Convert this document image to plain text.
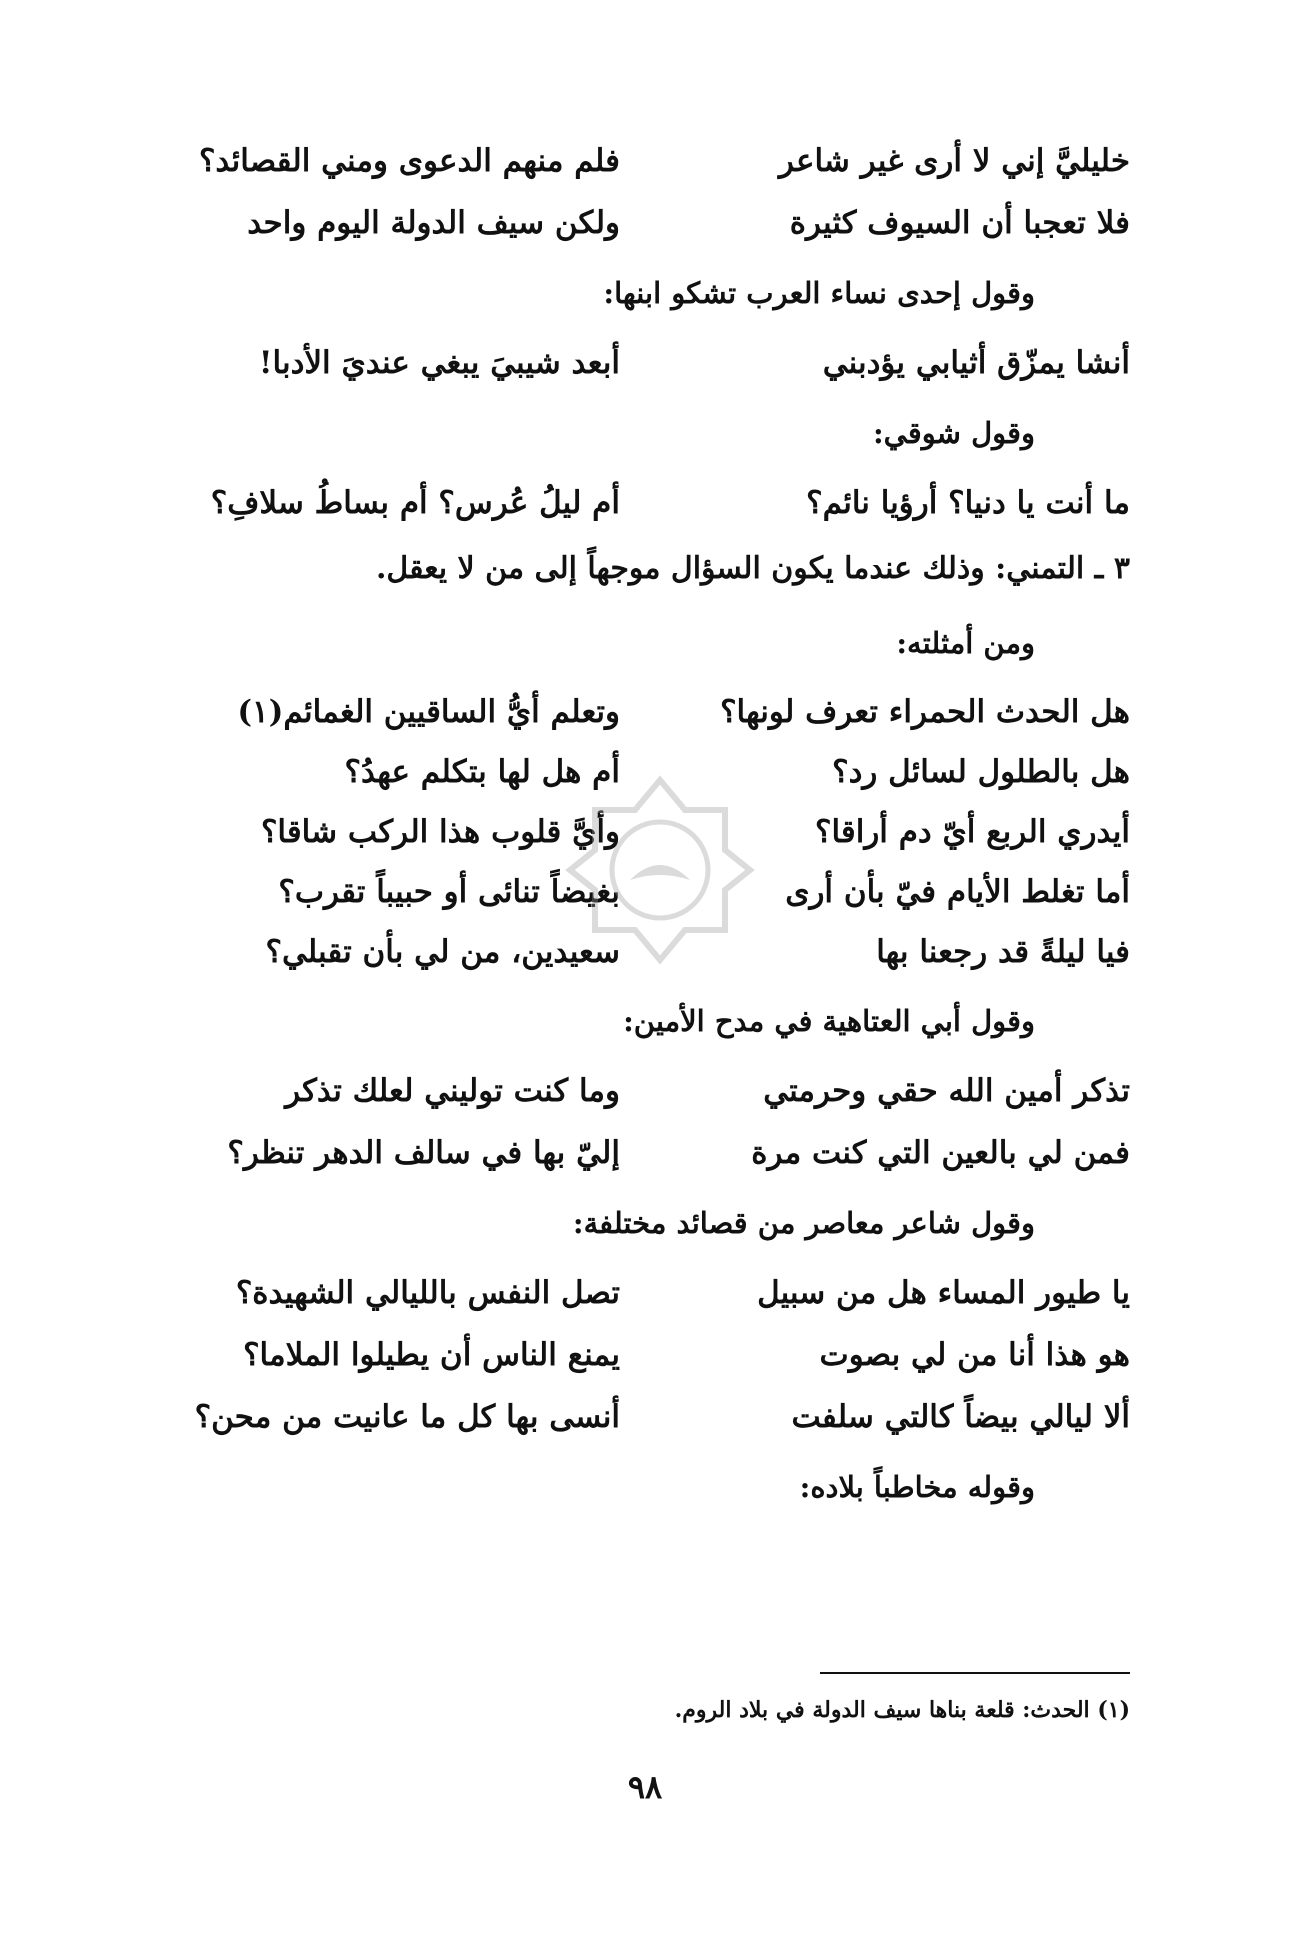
خليليَّ إني لا أرى غير شاعر
فلم منهم الدعوى ومني القصائد؟
فلا تعجبا أن السيوف كثيرة
ولكن سيف الدولة اليوم واحد
وقول إحدى نساء العرب تشكو ابنها:
أنشا يمزّق أثيابي يؤدبني
أبعد شيبيَ يبغي عنديَ الأدبا!
وقول شوقي:
ما أنت يا دنيا؟ أرؤيا نائم؟
أم ليلُ عُرس؟ أم بساطُ سلافِ؟
٣ ـ التمني: وذلك عندما يكون السؤال موجهاً إلى من لا يعقل.
ومن أمثلته:
هل الحدث الحمراء تعرف لونها؟
وتعلم أيُّ الساقيين الغمائم(١)
هل بالطلول لسائل رد؟
أم هل لها بتكلم عهدُ؟
أيدري الربع أيّ دم أراقا؟
وأيَّ قلوب هذا الركب شاقا؟
أما تغلط الأيام فيّ بأن أرى
بغيضاً تنائى أو حبيباً تقرب؟
فيا ليلةً قد رجعنا بها
سعيدين، من لي بأن تقبلي؟
وقول أبي العتاهية في مدح الأمين:
تذكر أمين الله حقي وحرمتي
وما كنت توليني لعلك تذكر
فمن لي بالعين التي كنت مرة
إليّ بها في سالف الدهر تنظر؟
وقول شاعر معاصر من قصائد مختلفة:
يا طيور المساء هل من سبيل
تصل النفس بالليالي الشهيدة؟
هو هذا أنا من لي بصوت
يمنع الناس أن يطيلوا الملاما؟
ألا ليالي بيضاً كالتي سلفت
أنسى بها كل ما عانيت من محن؟
وقوله مخاطباً بلاده:
(١) الحدث: قلعة بناها سيف الدولة في بلاد الروم.
٩٨
